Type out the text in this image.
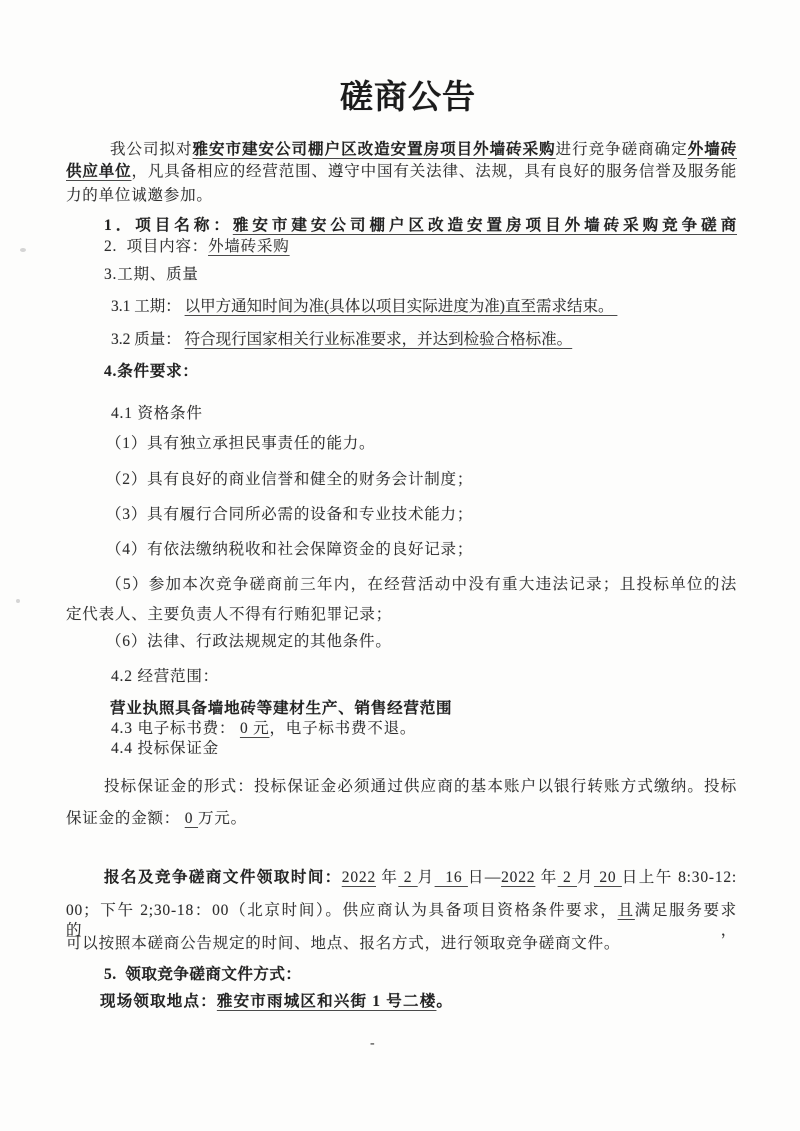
磋商公告
我公司拟对雅安市建安公司棚户区改造安置房项目外墙砖采购进行竞争磋商确定外墙砖
供应单位，凡具备相应的经营范围、遵守中国有关法律、法规，具有良好的服务信誉及服务能
力的单位诚邀参加。
1．项目名称：雅安市建安公司棚户区改造安置房项目外墙砖采购竞争磋商
2.  项目内容：外墙砖采购
3.工期、质量
3.1 工期： 以甲方通知时间为准(具体以项目实际进度为准)直至需求结束。
3.2 质量： 符合现行国家相关行业标准要求，并达到检验合格标准。
4.条件要求：
4.1 资格条件
（1）具有独立承担民事责任的能力。
（2）具有良好的商业信誉和健全的财务会计制度；
（3）具有履行合同所必需的设备和专业技术能力；
（4）有依法缴纳税收和社会保障资金的良好记录；
（5）参加本次竞争磋商前三年内，在经营活动中没有重大违法记录；且投标单位的法
定代表人、主要负责人不得有行贿犯罪记录；
（6）法律、行政法规规定的其他条件。
4.2 经营范围：
营业执照具备墙地砖等建材生产、销售经营范围
4.3 电子标书费： 0 元，电子标书费不退。
4.4 投标保证金
投标保证金的形式：投标保证金必须通过供应商的基本账户以银行转账方式缴纳。投标
保证金的金额： 0 万元。
报名及竞争磋商文件领取时间：2022 年 2 月  16 日—2022 年 2 月 20 日上午 8:30-12:
00；下午 2;30-18：00（北京时间）。供应商认为具备项目资格条件要求，且满足服务要求的，
可以按照本磋商公告规定的时间、地点、报名方式，进行领取竞争磋商文件。
5.  领取竞争磋商文件方式：
现场领取地点：雅安市雨城区和兴街 1 号二楼。
-
